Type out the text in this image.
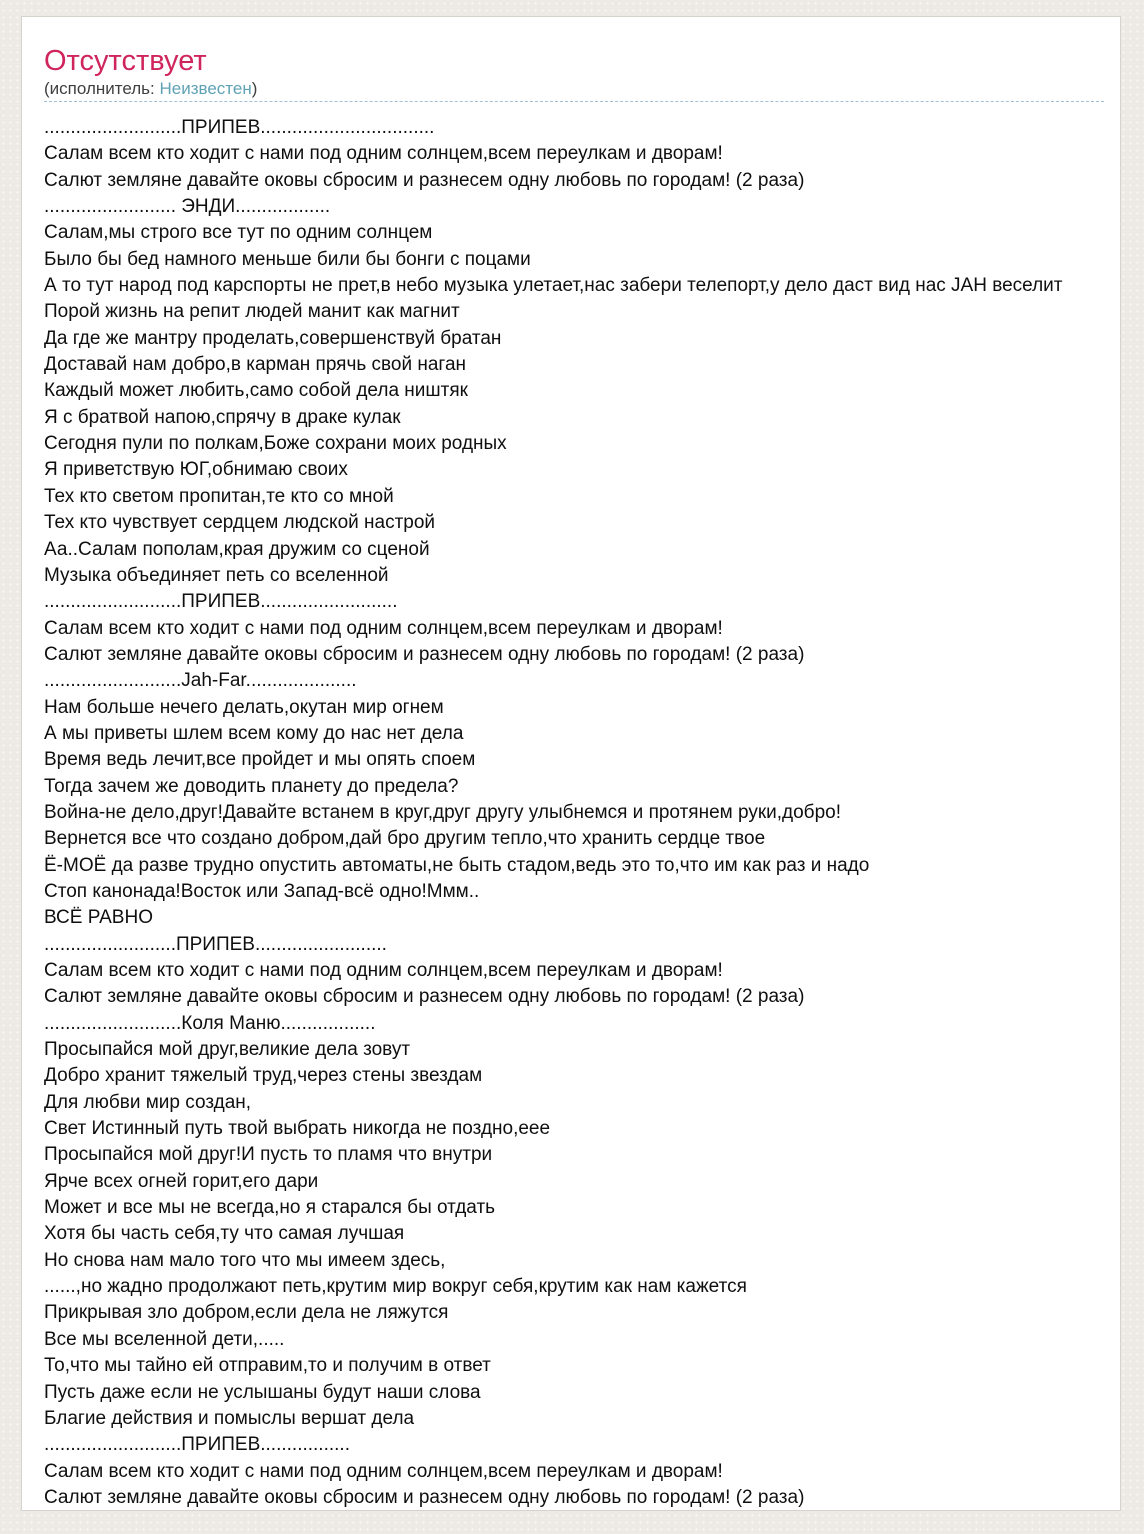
Отсутствует
(исполнитель: Неизвестен)
..........................ПРИПЕВ.................................
Салам всем кто ходит с нами под одним солнцем,всем переулкам и дворам!
Салют земляне давайте оковы сбросим и разнесем одну любовь по городам! (2 раза)
......................... ЭНДИ..................
Салам,мы строго все тут по одним солнцем
Было бы бед намного меньше били бы бонги с поцами
А то тут народ под карспорты не прет,в небо музыка улетает,нас забери телепорт,у дело даст вид нас JAH веселит
Порой жизнь на репит людей манит как магнит
Да где же мантру проделать,совершенствуй братан
Доставай нам добро,в карман прячь свой наган
Каждый может любить,само собой дела ништяк
Я с братвой напою,спрячу в драке кулак
Сегодня пули по полкам,Боже сохрани моих родных
Я приветствую ЮГ,обнимаю своих
Тех кто светом пропитан,те кто со мной
Тех кто чувствует сердцем людской настрой
Аа..Салам пополам,края дружим со сценой
Музыка объединяет петь со вселенной
..........................ПРИПЕВ..........................
Салам всем кто ходит с нами под одним солнцем,всем переулкам и дворам!
Салют земляне давайте оковы сбросим и разнесем одну любовь по городам! (2 раза)
..........................Jah-Far.....................
Нам больше нечего делать,окутан мир огнем
А мы приветы шлем всем кому до нас нет дела
Время ведь лечит,все пройдет и мы опять споем
Тогда зачем же доводить планету до предела?
Война-не дело,друг!Давайте встанем в круг,друг другу улыбнемся и протянем руки,добро!
Вернется все что создано добром,дай бро другим тепло,что хранить сердце твое
Ё-МОЁ да разве трудно опустить автоматы,не быть стадом,ведь это то,что им как раз и надо
Стоп канонада!Восток или Запад-всё одно!Ммм..
ВСЁ РАВНО
.........................ПРИПЕВ.........................
Салам всем кто ходит с нами под одним солнцем,всем переулкам и дворам!
Салют земляне давайте оковы сбросим и разнесем одну любовь по городам! (2 раза)
..........................Коля Маню..................
Просыпайся мой друг,великие дела зовут
Добро хранит тяжелый труд,через стены звездам
Для любви мир создан,
Свет Истинный путь твой выбрать никогда не поздно,еее
Просыпайся мой друг!И пусть то пламя что внутри
Ярче всех огней горит,его дари
Может и все мы не всегда,но я старался бы отдать
Хотя бы часть себя,ту что самая лучшая
Но снова нам мало того что мы имеем здесь,
......,но жадно продолжают петь,крутим мир вокруг себя,крутим как нам кажется
Прикрывая зло добром,если дела не ляжутся
Все мы вселенной дети,.....
То,что мы тайно ей отправим,то и получим в ответ
Пусть даже если не услышаны будут наши слова
Благие действия и помыслы вершат дела
..........................ПРИПЕВ.................
Салам всем кто ходит с нами под одним солнцем,всем переулкам и дворам!
Салют земляне давайте оковы сбросим и разнесем одну любовь по городам! (2 раза)
